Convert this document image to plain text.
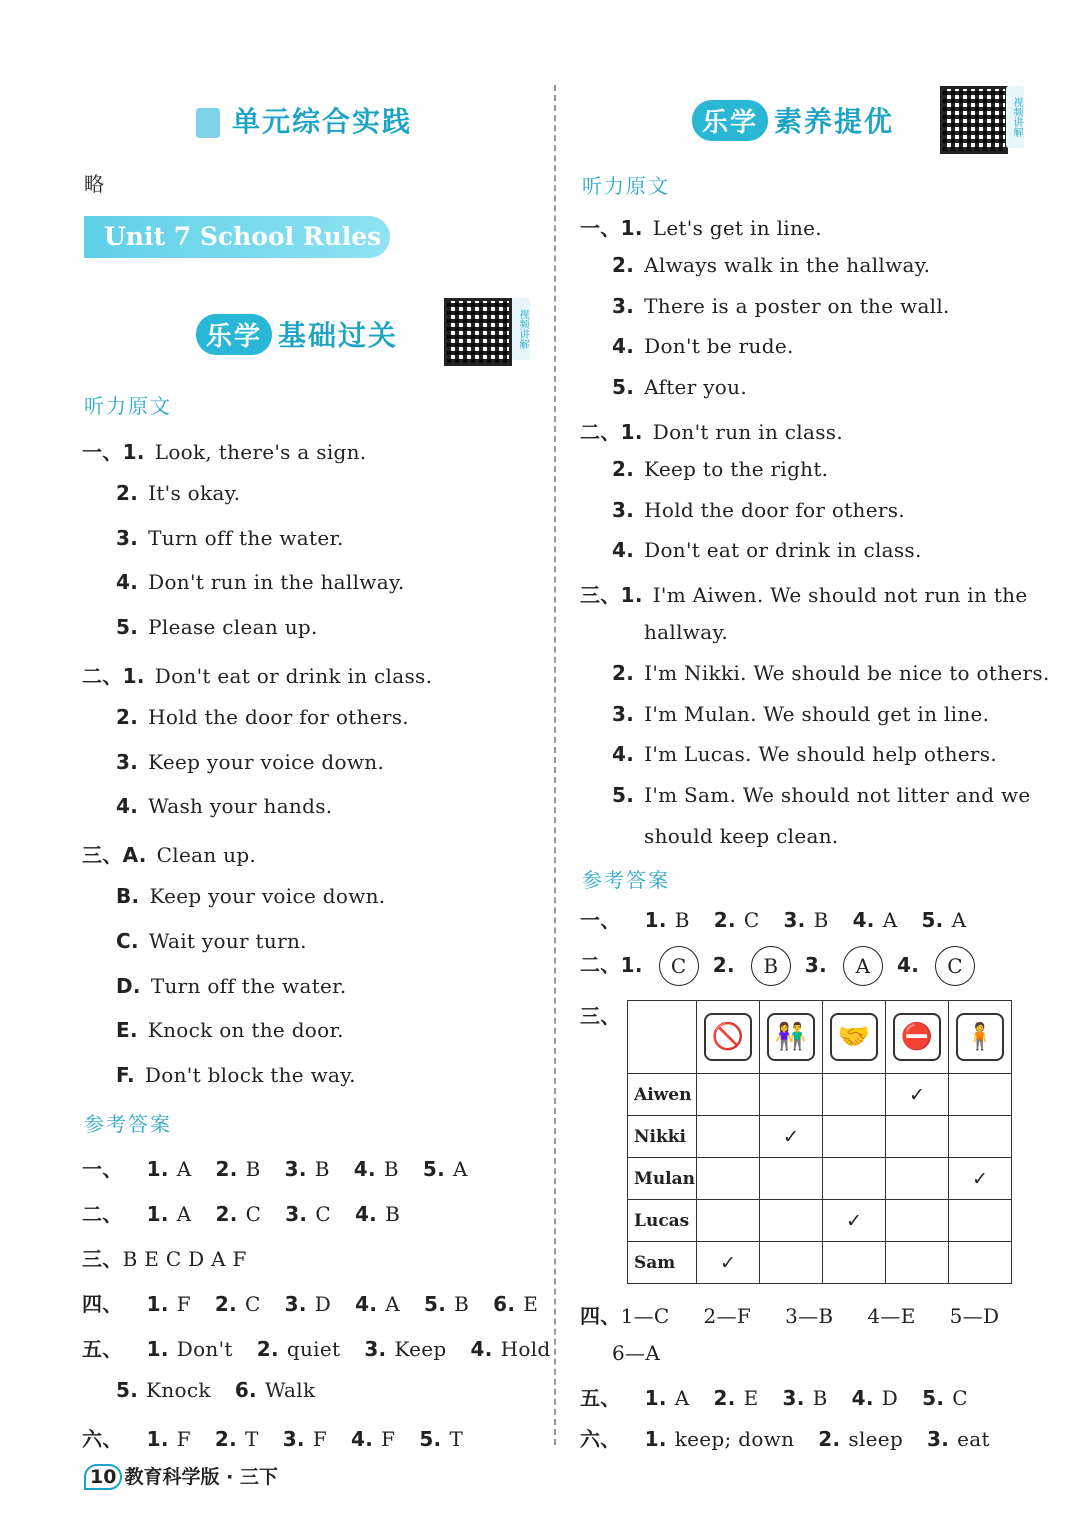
单元综合实践
略
Unit 7 School Rules
乐学 基础过关	视频讲解
听力原文
一、1. Look, there's a sign.
2. It's okay.
3. Turn off the water.
4. Don't run in the hallway.
5. Please clean up.
二、1. Don't eat or drink in class.
2. Hold the door for others.
3. Keep your voice down.
4. Wash your hands.
三、A. Clean up.
B. Keep your voice down.
C. Wait your turn.
D. Turn off the water.
E. Knock on the door.
F. Don't block the way.
参考答案
一、 1. A 2. B 3. B 4. B 5. A
二、 1. A 2. C 3. C 4. B
三、B E C D A F
四、 1. F 2. C 3. D 4. A 5. B 6. E
五、 1. Don't 2. quiet 3. Keep 4. Hold
5. Knock 6. Walk
六、 1. F 2. T 3. F 4. F 5. T
10 教育科学版 · 三下
乐学 素养提优	视频讲解
听力原文
一、1. Let's get in line.
2. Always walk in the hallway.
3. There is a poster on the wall.
4. Don't be rude.
5. After you.
二、1. Don't run in class.
2. Keep to the right.
3. Hold the door for others.
4. Don't eat or drink in class.
三、1. I'm Aiwen. We should not run in the
hallway.
2. I'm Nikki. We should be nice to others.
3. I'm Mulan. We should get in line.
4. I'm Lucas. We should help others.
5. I'm Sam. We should not litter and we
should keep clean.
参考答案
一、 1. B 2. C 3. B 4. A 5. A
二、1. C 2. B 3. A 4. C
三、
	🚫	👫	🤝	⛔	🧍
Aiwen				✓	
Nikki		✓			
Mulan					✓
Lucas			✓		
Sam	✓				
四、1—C 2—F 3—B 4—E 5—D
6—A
五、 1. A 2. E 3. B 4. D 5. C
六、 1. keep; down 2. sleep 3. eat
